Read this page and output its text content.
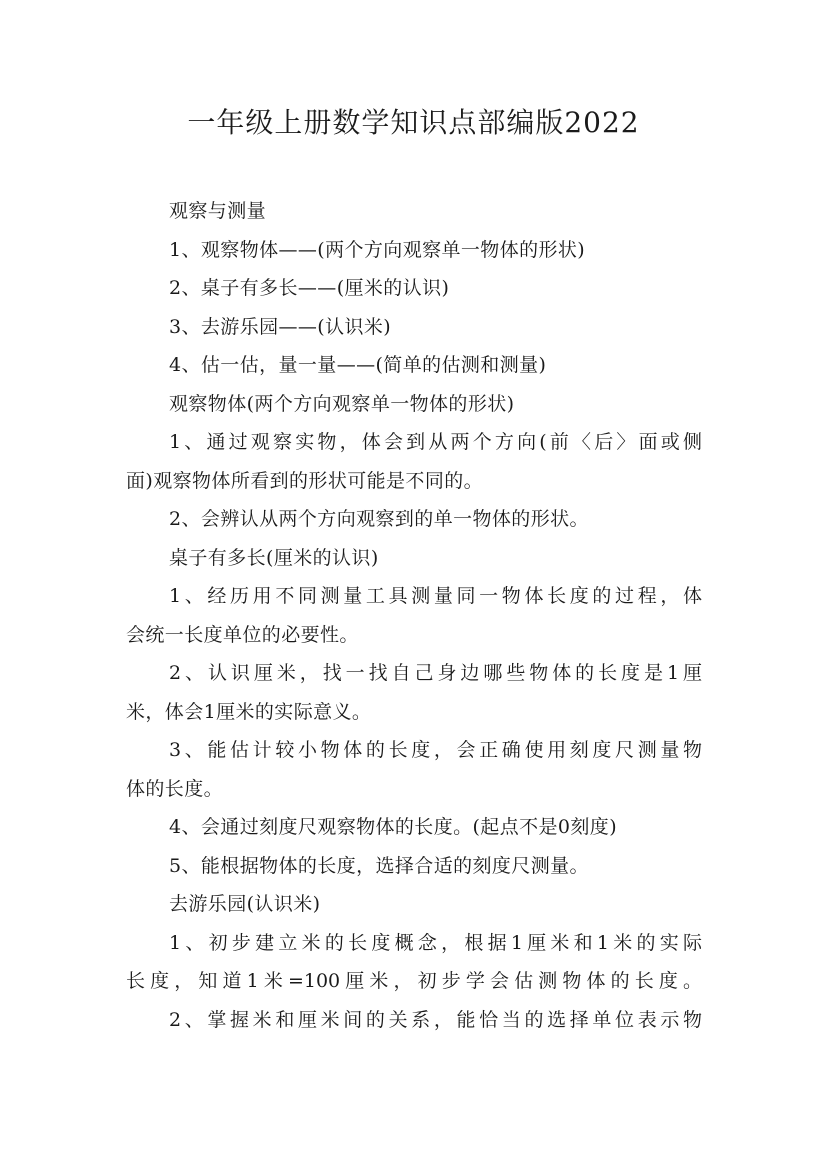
一年级上册数学知识点部编版2022
观察与测量
1、观察物体——(两个方向观察单一物体的形状)
2、桌子有多长——(厘米的认识)
3、去游乐园——(认识米)
4、估一估，量一量——(简单的估测和测量)
观察物体(两个方向观察单一物体的形状)
1、通过观察实物，体会到从两个方向(前〈后〉面或侧
面)观察物体所看到的形状可能是不同的。
2、会辨认从两个方向观察到的单一物体的形状。
桌子有多长(厘米的认识)
1、经历用不同测量工具测量同一物体长度的过程，体
会统一长度单位的必要性。
2、认识厘米，找一找自己身边哪些物体的长度是1厘
米，体会1厘米的实际意义。
3、能估计较小物体的长度，会正确使用刻度尺测量物
体的长度。
4、会通过刻度尺观察物体的长度。(起点不是0刻度)
5、能根据物体的长度，选择合适的刻度尺测量。
去游乐园(认识米)
1、初步建立米的长度概念，根据1厘米和1米的实际
长度，知道1米=100厘米，初步学会估测物体的长度。
2、掌握米和厘米间的关系，能恰当的选择单位表示物
